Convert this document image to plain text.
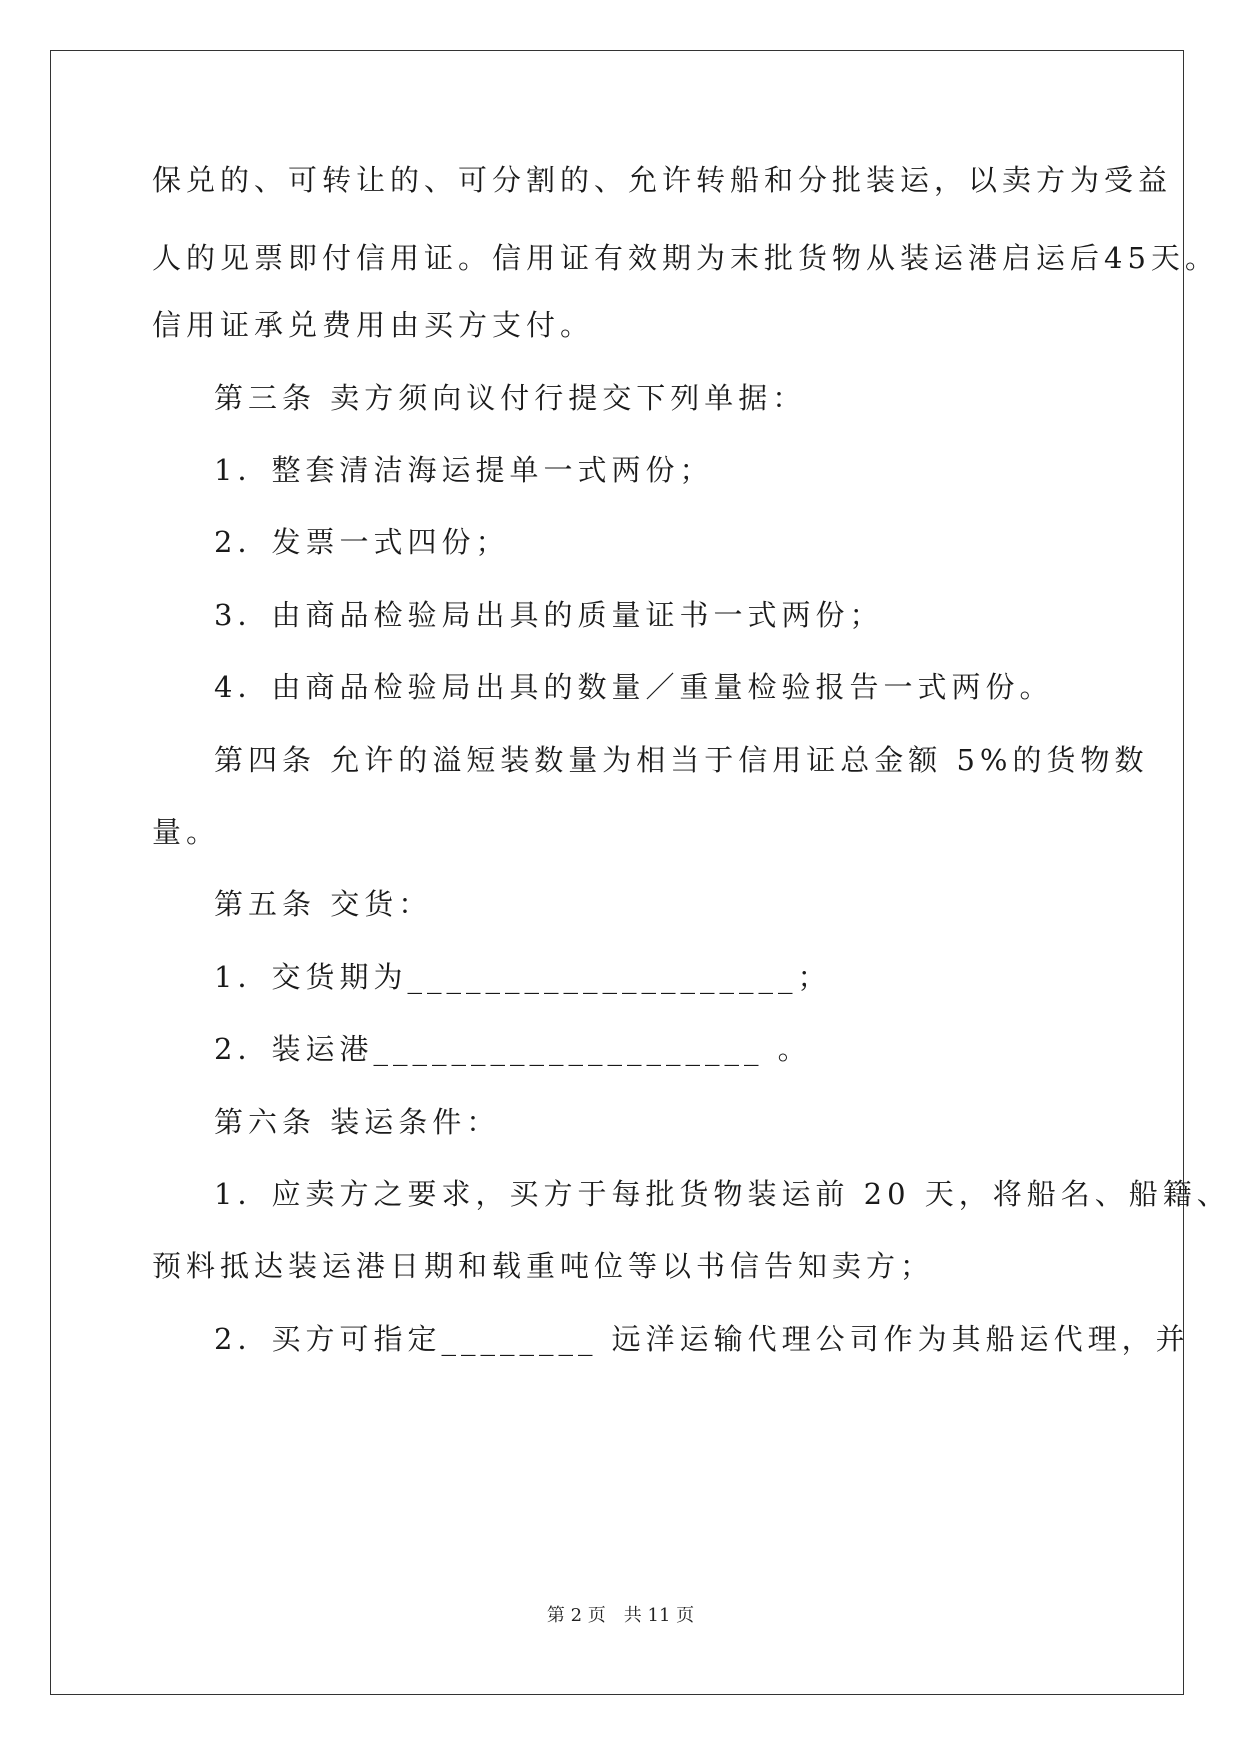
保兑的、可转让的、可分割的、允许转船和分批装运，以卖方为受益
人的见票即付信用证。信用证有效期为末批货物从装运港启运后45天。
信用证承兑费用由买方支付。
第三条 卖方须向议付行提交下列单据：
1．整套清洁海运提单一式两份；
2．发票一式四份；
3．由商品检验局出具的质量证书一式两份；
4．由商品检验局出具的数量／重量检验报告一式两份。
第四条 允许的溢短装数量为相当于信用证总金额 5%的货物数
量。
第五条 交货：
1．交货期为____________________；
2．装运港____________________ 。
第六条 装运条件：
1．应卖方之要求，买方于每批货物装运前 20 天，将船名、船籍、
预料抵达装运港日期和载重吨位等以书信告知卖方；
2．买方可指定________ 远洋运输代理公司作为其船运代理，并
第 2 页　共 11 页
